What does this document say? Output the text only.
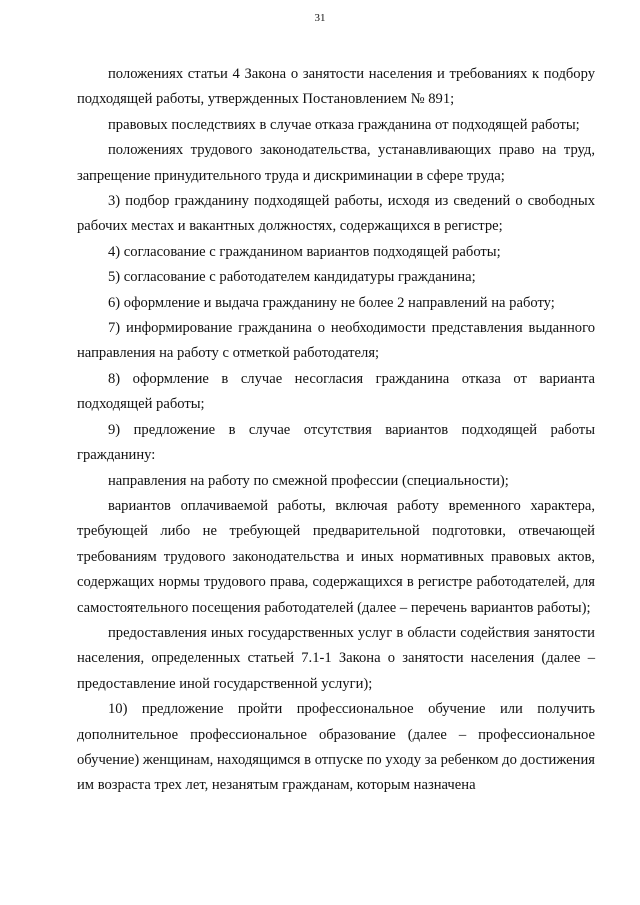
31

положениях статьи 4 Закона о занятости населения и требованиях к подбору подходящей работы, утвержденных Постановлением № 891;

правовых последствиях в случае отказа гражданина от подходящей работы;

положениях трудового законодательства, устанавливающих право на труд, запрещение принудительного труда и дискриминации в сфере труда;

3) подбор гражданину подходящей работы, исходя из сведений о свободных рабочих местах и вакантных должностях, содержащихся в регистре;

4) согласование с гражданином вариантов подходящей работы;

5) согласование с работодателем кандидатуры гражданина;

6) оформление и выдача гражданину не более 2 направлений на работу;

7) информирование гражданина о необходимости представления выданного направления на работу с отметкой работодателя;

8) оформление в случае несогласия гражданина отказа от варианта подходящей работы;

9) предложение в случае отсутствия вариантов подходящей работы гражданину:

направления на работу по смежной профессии (специальности);

вариантов оплачиваемой работы, включая работу временного характера, требующей либо не требующей предварительной подготовки, отвечающей требованиям трудового законодательства и иных нормативных правовых актов, содержащих нормы трудового права, содержащихся в регистре работодателей, для самостоятельного посещения работодателей (далее – перечень вариантов работы);

предоставления иных государственных услуг в области содействия занятости населения, определенных статьей 7.1-1 Закона о занятости населения (далее – предоставление иной государственной услуги);

10) предложение пройти профессиональное обучение или получить дополнительное профессиональное образование (далее – профессиональное обучение) женщинам, находящимся в отпуске по уходу за ребенком до достижения им возраста трех лет, незанятым гражданам, которым назначена
